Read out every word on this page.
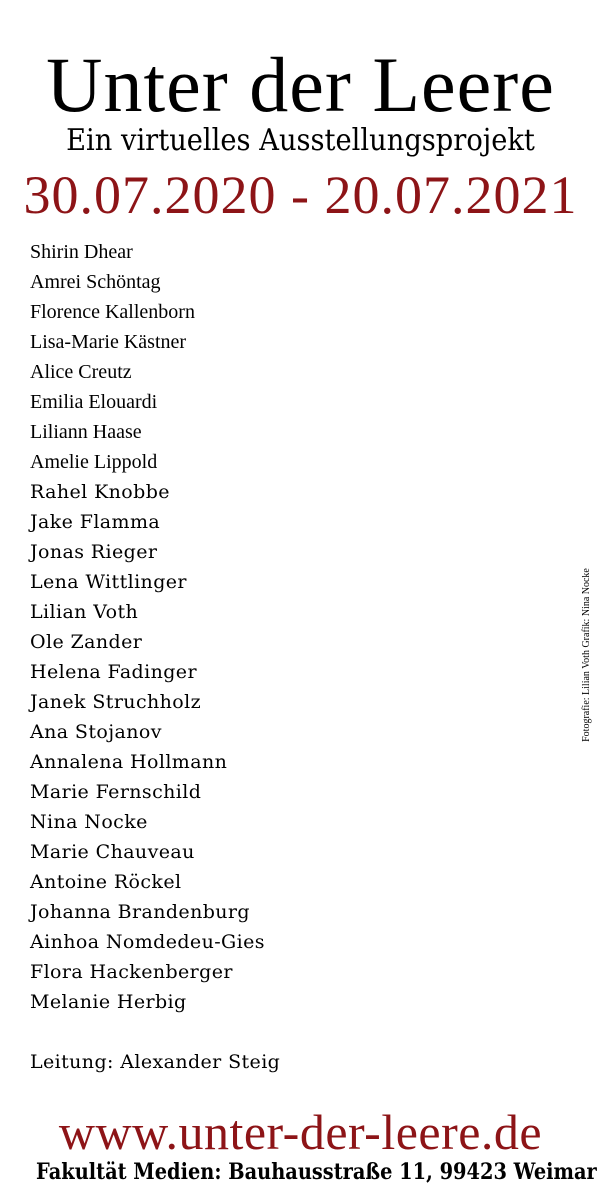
Unter der Leere
Ein virtuelles Ausstellungsprojekt
30.07.2020 - 20.07.2021
Shirin Dhear
Amrei Schöntag
Florence Kallenborn
Lisa-Marie Kästner
Alice Creutz
Emilia Elouardi
Liliann Haase
Amelie Lippold
Rahel Knobbe
Jake Flamma
Jonas Rieger
Lena Wittlinger
Lilian Voth
Ole Zander
Helena Fadinger
Janek Struchholz
Ana Stojanov
Annalena Hollmann
Marie Fernschild
Nina Nocke
Marie Chauveau
Antoine Röckel
Johanna Brandenburg
Ainhoa Nomdedeu-Gies
Flora Hackenberger
Melanie Herbig
Leitung: Alexander Steig
Fotografie: Lilian Voth Grafik: Nina Nocke
www.unter-der-leere.de
Fakultät Medien: Bauhausstraße 11, 99423 Weimar
